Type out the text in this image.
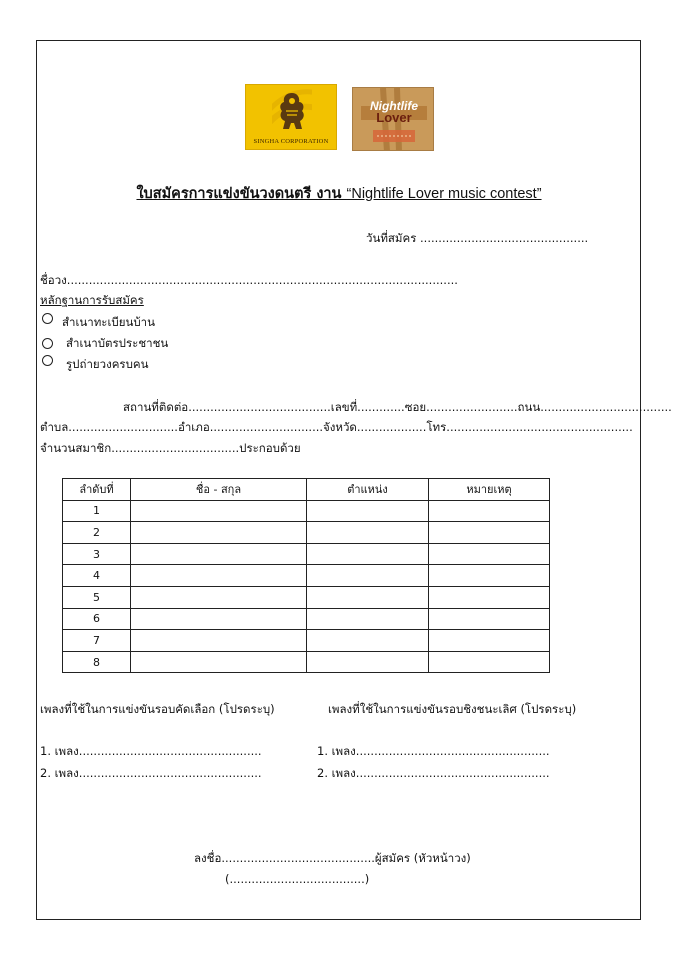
SINGHA CORPORATION
Nightlife
Lover
ใบสมัครการแข่งขันวงดนตรี งาน “Nightlife Lover music contest”
วันที่สมัคร ..............................................
ชื่อวง...........................................................................................................
หลักฐานการรับสมัคร
สำเนาทะเบียนบ้าน
สำเนาบัตรประชาชน
รูปถ่ายวงครบคน
สถานที่ติดต่อ.......................................เลขที่.............ซอย.........................ถนน....................................
ตำบล..............................อำเภอ...............................จังหวัด...................โทร...................................................
จำนวนสมาชิก...................................ประกอบด้วย
ลำดับที่	ชื่อ - สกุล	ตำแหน่ง	หมายเหตุ
1			
2			
3			
4			
5			
6			
7			
8			
เพลงที่ใช้ในการแข่งขันรอบคัดเลือก (โปรดระบุ)	เพลงที่ใช้ในการแข่งขันรอบชิงชนะเลิศ (โปรดระบุ)
1. เพลง..................................................
2. เพลง..................................................
1. เพลง.....................................................
2. เพลง.....................................................
ลงชื่อ..........................................ผู้สมัคร (หัวหน้าวง)
(.....................................)
